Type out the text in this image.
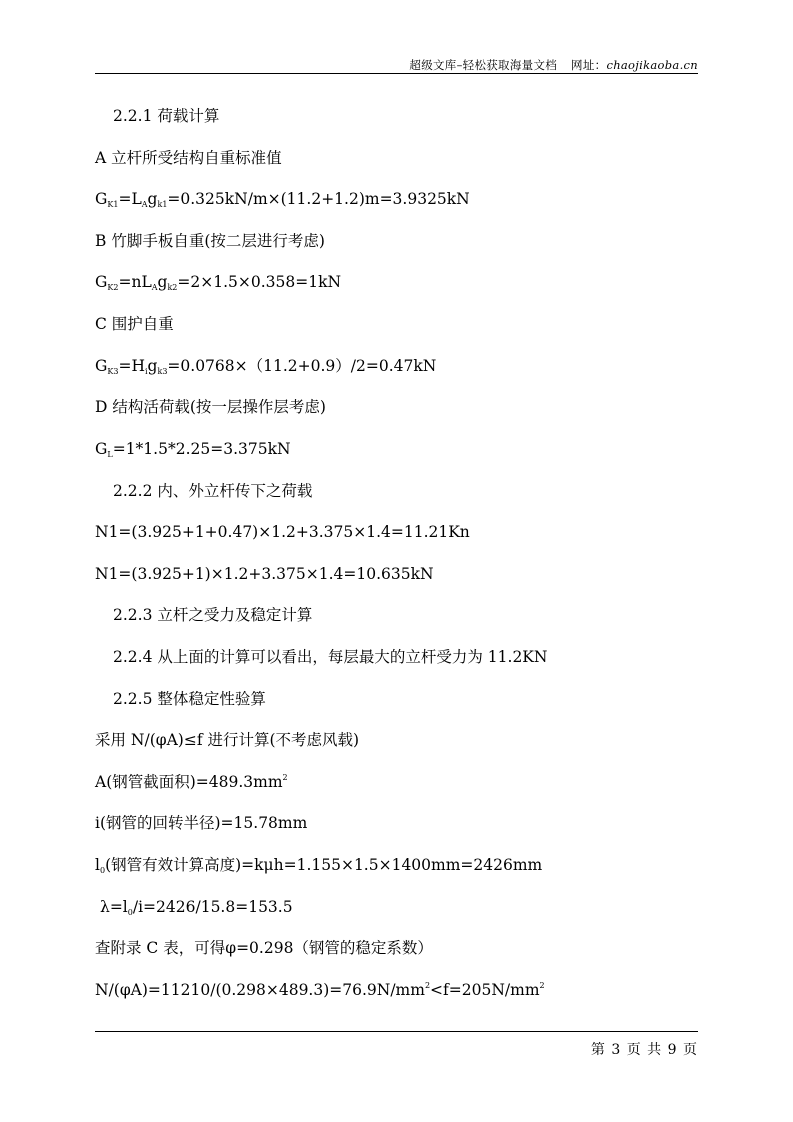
超级文库–轻松获取海量文档 网址：chaojikaoba.cn
2.2.1 荷载计算
A 立杆所受结构自重标准值
$G_{K1}=L_Ag_{k1}=0.325kN/m\times(11.2+1.2)m=3.9325kN$
B 竹脚手板自重(按二层进行考虑)
$G_{K2}=nL_Ag_{k2}=2\times 1.5\times 0.358=1kN$
C 围护自重
$G_{K3}=H_ig_{k3}=0.0768\times(11.2+0.9)/2=0.47kN$
D 结构活荷载(按一层操作层考虑)
$G_L=1*1.5*2.25=3.375kN$
2.2.2 内、外立杆传下之荷载
N1=(3.925+1+0.47)×1.2+3.375×1.4=11.21Kn
N1=(3.925+1)×1.2+3.375×1.4=10.635kN
2.2.3 立杆之受力及稳定计算
2.2.4 从上面的计算可以看出，每层最大的立杆受力为 11.2KN
2.2.5 整体稳定性验算
采用 N/(φA)≤f 进行计算(不考虑风载)
A(钢管截面积)$=489.3mm^2$
i(钢管的回转半径)=15.78mm
$l_0$(钢管有效计算高度)=kμh=1.155×1.5×1400mm=2426mm
$\lambda=l_0/i=2426/15.8=153.5$
查附录 C 表，可得φ=0.298（钢管的稳定系数）
$N/(\varphi A)=11210/(0.298\times 489.3)=76.9N/mm^2<f=205N/mm^2$
第 3 页 共 9 页
